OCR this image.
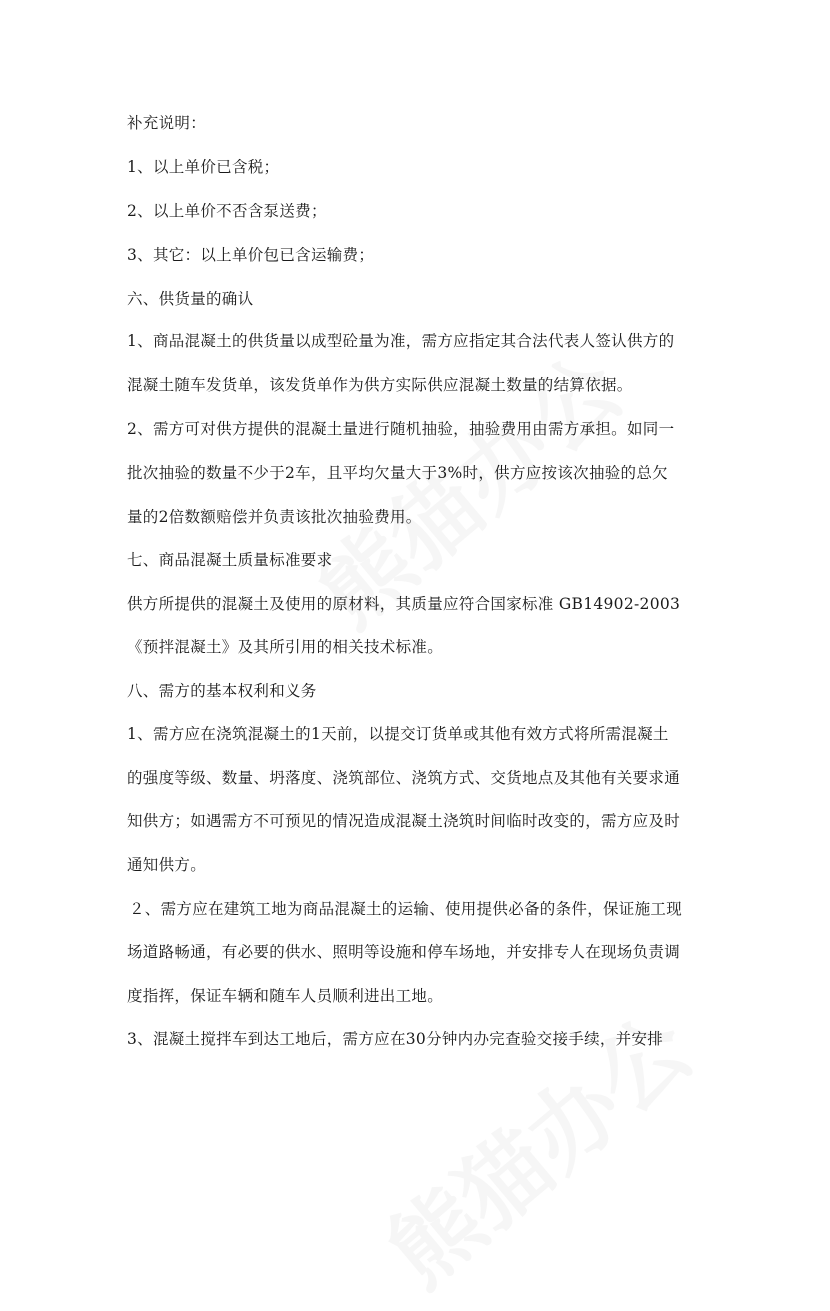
补充说明：
1、以上单价已含税；
2、以上单价不否含泵送费；
3、其它：以上单价包已含运输费；
六、供货量的确认
1、商品混凝土的供货量以成型砼量为准，需方应指定其合法代表人签认供方的
混凝土随车发货单，该发货单作为供方实际供应混凝土数量的结算依据。
2、需方可对供方提供的混凝土量进行随机抽验，抽验费用由需方承担。如同一
批次抽验的数量不少于2车，且平均欠量大于3%时，供方应按该次抽验的总欠
量的2倍数额赔偿并负责该批次抽验费用。
七、商品混凝土质量标准要求
供方所提供的混凝土及使用的原材料，其质量应符合国家标准 GB14902-2003
《预拌混凝土》及其所引用的相关技术标准。
八、需方的基本权利和义务
1、需方应在浇筑混凝土的1天前，以提交订货单或其他有效方式将所需混凝土
的强度等级、数量、坍落度、浇筑部位、浇筑方式、交货地点及其他有关要求通
知供方；如遇需方不可预见的情况造成混凝土浇筑时间临时改变的，需方应及时
通知供方。
２、需方应在建筑工地为商品混凝土的运输、使用提供必备的条件，保证施工现
场道路畅通，有必要的供水、照明等设施和停车场地，并安排专人在现场负责调
度指挥，保证车辆和随车人员顺利进出工地。
3、混凝土搅拌车到达工地后，需方应在30分钟内办完查验交接手续，并安排
